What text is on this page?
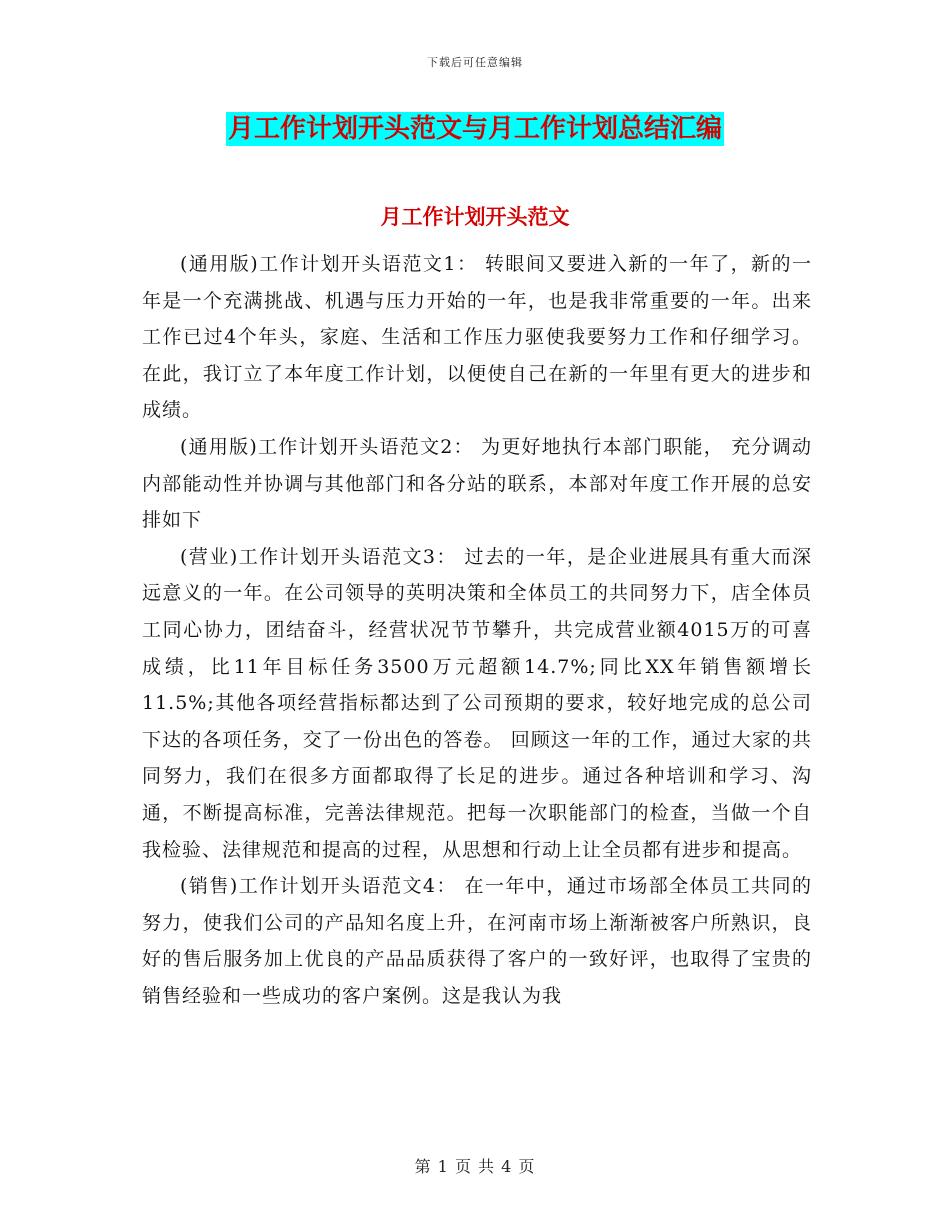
下载后可任意编辑
月工作计划开头范文与月工作计划总结汇编
月工作计划开头范文

(通用版)工作计划开头语范文1： 转眼间又要进入新的一年了，新的一年是一个充满挑战、机遇与压力开始的一年，也是我非常重要的一年。出来工作已过4个年头，家庭、生活和工作压力驱使我要努力工作和仔细学习。在此，我订立了本年度工作计划，以便使自己在新的一年里有更大的进步和成绩。

(通用版)工作计划开头语范文2： 为更好地执行本部门职能， 充分调动内部能动性并协调与其他部门和各分站的联系，本部对年度工作开展的总安排如下

(营业)工作计划开头语范文3： 过去的一年，是企业进展具有重大而深远意义的一年。在公司领导的英明决策和全体员工的共同努力下，店全体员工同心协力，团结奋斗，经营状况节节攀升，共完成营业额4015万的可喜成绩，比11年目标任务3500万元超额14.7%;同比XX年销售额增长11.5%;其他各项经营指标都达到了公司预期的要求，较好地完成的总公司下达的各项任务，交了一份出色的答卷。 回顾这一年的工作，通过大家的共同努力，我们在很多方面都取得了长足的进步。通过各种培训和学习、沟通，不断提高标准，完善法律规范。把每一次职能部门的检查，当做一个自我检验、法律规范和提高的过程，从思想和行动上让全员都有进步和提高。

(销售)工作计划开头语范文4： 在一年中，通过市场部全体员工共同的努力，使我们公司的产品知名度上升，在河南市场上渐渐被客户所熟识，良好的售后服务加上优良的产品品质获得了客户的一致好评，也取得了宝贵的销售经验和一些成功的客户案例。这是我认为我

第 1 页 共 4 页
